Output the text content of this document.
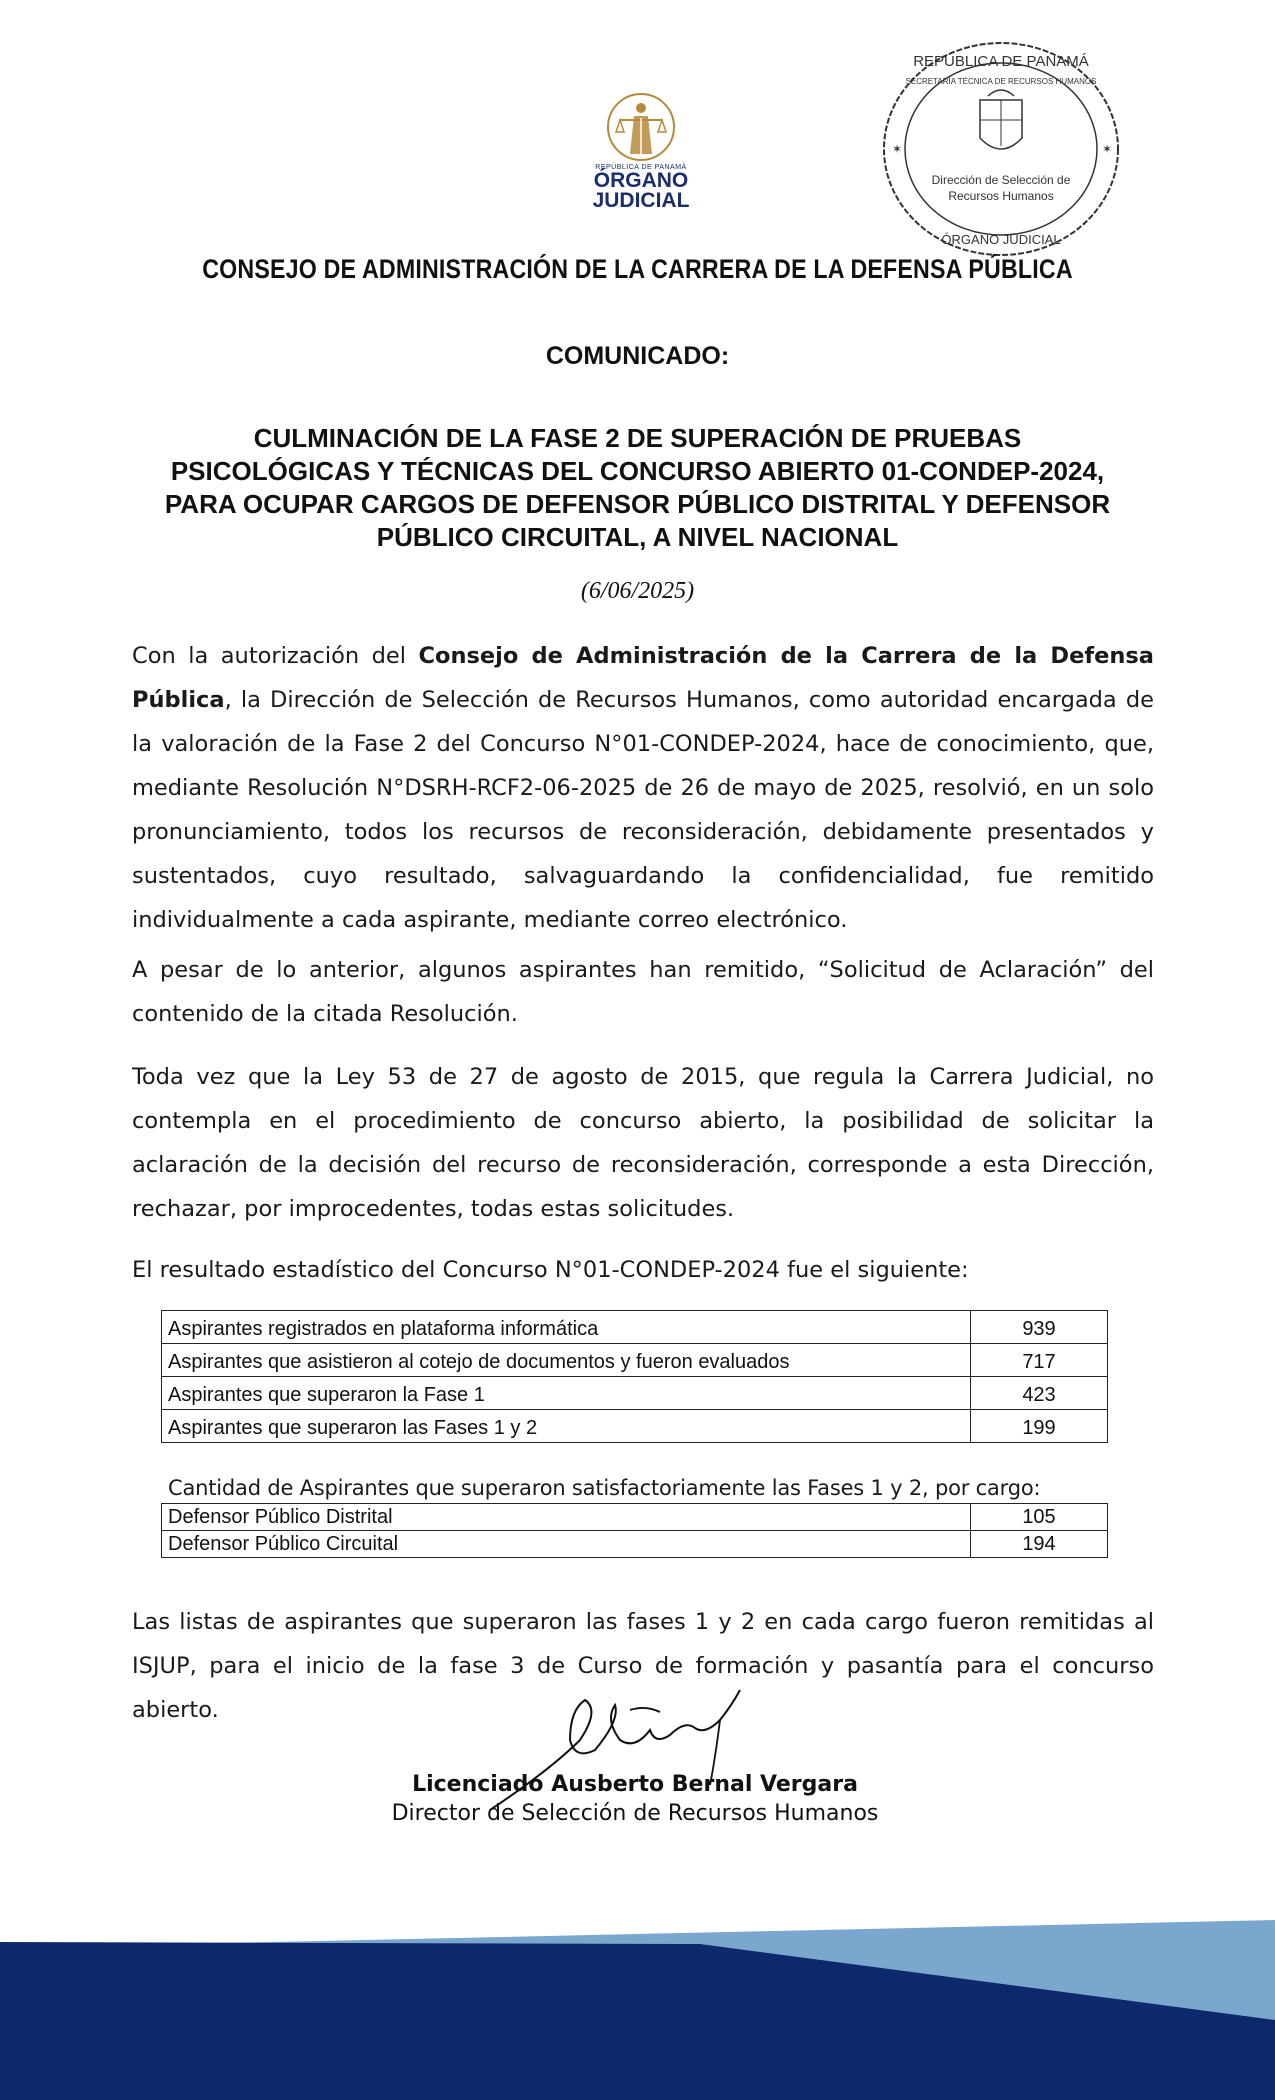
REPÚBLICA DE PANAMÁ
ÓRGANO
JUDICIAL
REPÚBLICA DE PANAMÁ
SECRETARÍA TÉCNICA DE RECURSOS HUMANOS
Dirección de Selección de
Recursos Humanos
ÓRGANO JUDICIAL
✶	✶
CONSEJO DE ADMINISTRACIÓN DE LA CARRERA DE LA DEFENSA PÚBLICA
COMUNICADO:
CULMINACIÓN DE LA FASE 2 DE SUPERACIÓN DE PRUEBAS
PSICOLÓGICAS Y TÉCNICAS DEL CONCURSO ABIERTO 01-CONDEP-2024,
PARA OCUPAR CARGOS DE DEFENSOR PÚBLICO DISTRITAL Y DEFENSOR
PÚBLICO CIRCUITAL, A NIVEL NACIONAL
(6/06/2025)
Con la autorización del Consejo de Administración de la Carrera de la Defensa Pública, la Dirección de Selección de Recursos Humanos, como autoridad encargada de la valoración de la Fase 2 del Concurso N°01-CONDEP-2024, hace de conocimiento, que, mediante Resolución N°DSRH-RCF2-06-2025 de 26 de mayo de 2025, resolvió, en un solo pronunciamiento, todos los recursos de reconsideración, debidamente presentados y sustentados, cuyo resultado, salvaguardando la confidencialidad, fue remitido individualmente a cada aspirante, mediante correo electrónico.
A pesar de lo anterior, algunos aspirantes han remitido, “Solicitud de Aclaración” del contenido de la citada Resolución.
Toda vez que la Ley 53 de 27 de agosto de 2015, que regula la Carrera Judicial, no contempla en el procedimiento de concurso abierto, la posibilidad de solicitar la aclaración de la decisión del recurso de reconsideración, corresponde a esta Dirección, rechazar, por improcedentes, todas estas solicitudes.
El resultado estadístico del Concurso N°01-CONDEP-2024 fue el siguiente:
Aspirantes registrados en plataforma informática	939
Aspirantes que asistieron al cotejo de documentos y fueron evaluados	717
Aspirantes que superaron la Fase 1	423
Aspirantes que superaron las Fases 1 y 2	199
Cantidad de Aspirantes que superaron satisfactoriamente las Fases 1 y 2, por cargo:
Defensor Público Distrital	105
Defensor Público Circuital	194
Las listas de aspirantes que superaron las fases 1 y 2 en cada cargo fueron remitidas al ISJUP, para el inicio de la fase 3 de Curso de formación y pasantía para el concurso abierto.
Licenciado Ausberto Bernal Vergara
Director de Selección de Recursos Humanos
